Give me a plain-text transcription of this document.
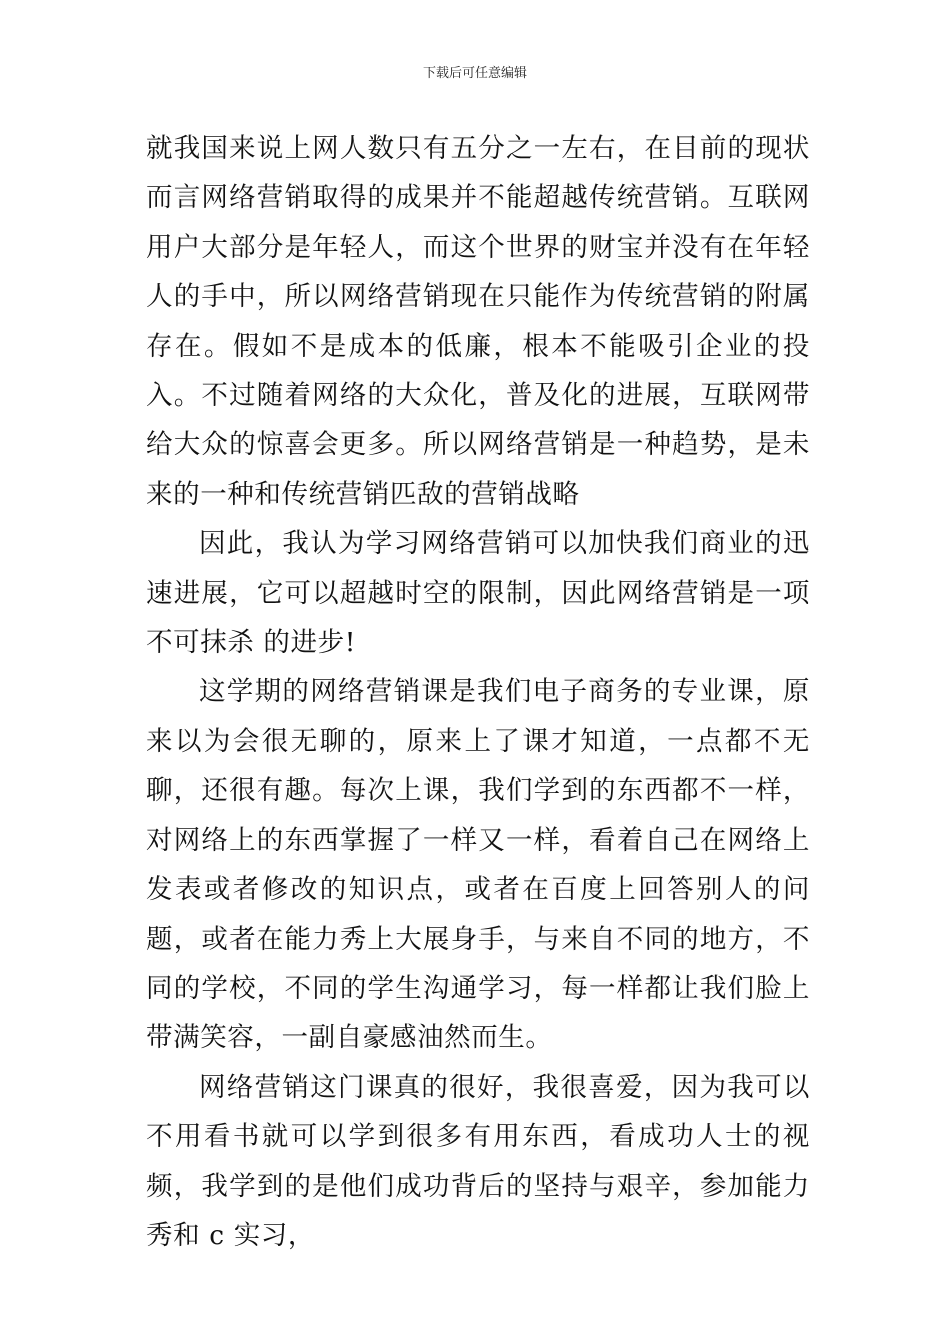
下载后可任意编辑

就我国来说上网人数只有五分之一左右，在目前的现状而言网络营销取得的成果并不能超越传统营销。互联网用户大部分是年轻人，而这个世界的财宝并没有在年轻人的手中，所以网络营销现在只能作为传统营销的附属存在。假如不是成本的低廉，根本不能吸引企业的投入。不过随着网络的大众化，普及化的进展，互联网带给大众的惊喜会更多。所以网络营销是一种趋势，是未来的一种和传统营销匹敌的营销战略

因此，我认为学习网络营销可以加快我们商业的迅速进展，它可以超越时空的限制，因此网络营销是一项不可抹杀 的进步!

这学期的网络营销课是我们电子商务的专业课，原来以为会很无聊的，原来上了课才知道，一点都不无聊，还很有趣。每次上课，我们学到的东西都不一样，对网络上的东西掌握了一样又一样，看着自己在网络上发表或者修改的知识点，或者在百度上回答别人的问题，或者在能力秀上大展身手，与来自不同的地方，不同的学校，不同的学生沟通学习，每一样都让我们脸上带满笑容，一副自豪感油然而生。

网络营销这门课真的很好，我很喜爱，因为我可以不用看书就可以学到很多有用东西，看成功人士的视频，我学到的是他们成功背后的坚持与艰辛，参加能力秀和 c 实习，
